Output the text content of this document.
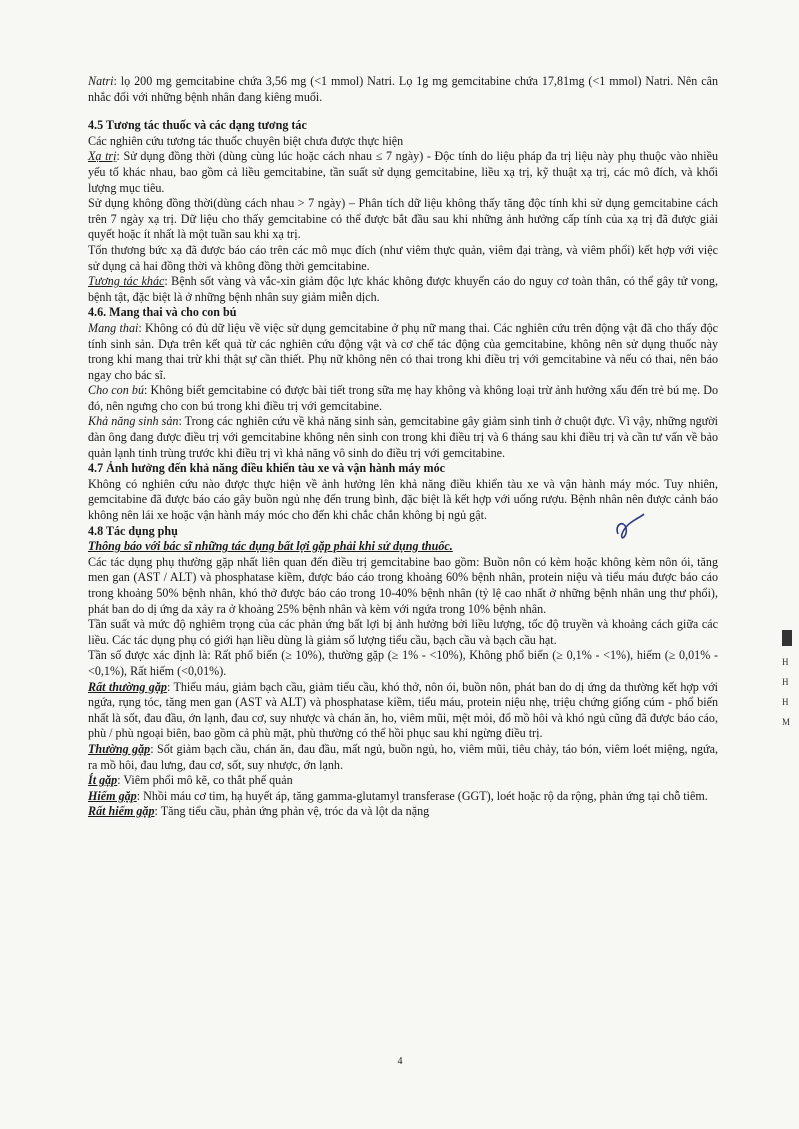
Natri: lọ 200 mg gemcitabine chứa 3,56 mg (<1 mmol) Natri. Lọ 1g mg gemcitabine chứa 17,81mg (<1 mmol) Natri. Nên cân nhắc đối với những bệnh nhân đang kiêng muối.

4.5 Tương tác thuốc và các dạng tương tác

Các nghiên cứu tương tác thuốc chuyên biệt chưa được thực hiện

Xạ trị: Sử dụng đồng thời (dùng cùng lúc hoặc cách nhau ≤ 7 ngày) - Độc tính do liệu pháp đa trị liệu này phụ thuộc vào nhiều yếu tố khác nhau, bao gồm cả liều gemcitabine, tần suất sử dụng gemcitabine, liều xạ trị, kỹ thuật xạ trị, các mô đích, và khối lượng mục tiêu.

Sử dụng không đồng thời(dùng cách nhau > 7 ngày) – Phân tích dữ liệu không thấy tăng độc tính khi sử dụng gemcitabine cách trên 7 ngày xạ trị. Dữ liệu cho thấy gemcitabine có thể được bắt đầu sau khi những ảnh hưởng cấp tính của xạ trị đã được giải quyết hoặc ít nhất là một tuần sau khi xạ trị.

Tổn thương bức xạ đã được báo cáo trên các mô mục đích (như viêm thực quản, viêm đại tràng, và viêm phổi) kết hợp với việc sử dụng cả hai đồng thời và không đồng thời gemcitabine.

Tương tác khác: Bệnh sốt vàng và vắc-xin giảm độc lực khác không được khuyến cáo do nguy cơ toàn thân, có thể gây tử vong, bệnh tật, đặc biệt là ở những bệnh nhân suy giảm miễn dịch.

4.6. Mang thai và cho con bú

Mang thai: Không có đủ dữ liệu về việc sử dụng gemcitabine ở phụ nữ mang thai. Các nghiên cứu trên động vật đã cho thấy độc tính sinh sản. Dựa trên kết quả từ các nghiên cứu động vật và cơ chế tác động của gemcitabine, không nên sử dụng thuốc này trong khi mang thai trừ khi thật sự cần thiết. Phụ nữ không nên có thai trong khi điều trị với gemcitabine và nếu có thai, nên báo ngay cho bác sĩ.

Cho con bú: Không biết gemcitabine có được bài tiết trong sữa mẹ hay không và không loại trừ ảnh hưởng xấu đến trẻ bú mẹ. Do đó, nên ngưng cho con bú trong khi điều trị với gemcitabine.

Khả năng sinh sản: Trong các nghiên cứu về khả năng sinh sản, gemcitabine gây giảm sinh tinh ở chuột đực. Vì vậy, những người đàn ông đang được điều trị với gemcitabine không nên sinh con trong khi điều trị và 6 tháng sau khi điều trị và cần tư vấn về bảo quản lạnh tinh trùng trước khi điều trị vì khả năng vô sinh do điều trị với gemcitabine.

4.7 Ảnh hưởng đến khả năng điều khiển tàu xe và vận hành máy móc

Không có nghiên cứu nào được thực hiện về ảnh hưởng lên khả năng điều khiển tàu xe và vận hành máy móc. Tuy nhiên, gemcitabine đã được báo cáo gây buồn ngủ nhẹ đến trung bình, đặc biệt là kết hợp với uống rượu. Bệnh nhân nên được cảnh báo không nên lái xe hoặc vận hành máy móc cho đến khi chắc chắn không bị ngủ gật.

4.8 Tác dụng phụ

Thông báo với bác sĩ những tác dụng bất lợi gặp phải khi sử dụng thuốc.

Các tác dụng phụ thường gặp nhất liên quan đến điều trị gemcitabine bao gồm: Buồn nôn có kèm hoặc không kèm nôn ói, tăng men gan (AST / ALT) và phosphatase kiềm, được báo cáo trong khoảng 60% bệnh nhân, protein niệu và tiểu máu được báo cáo trong khoảng 50% bệnh nhân, khó thở được báo cáo trong 10-40% bệnh nhân (tỷ lệ cao nhất ở những bệnh nhân ung thư phổi), phát ban do dị ứng da xảy ra ở khoảng 25% bệnh nhân và kèm với ngứa trong 10% bệnh nhân.

Tần suất và mức độ nghiêm trọng của các phản ứng bất lợi bị ảnh hưởng bởi liều lượng, tốc độ truyền và khoảng cách giữa các liều. Các tác dụng phụ có giới hạn liều dùng là giảm số lượng tiểu cầu, bạch cầu và bạch cầu hạt.

Tần số được xác định là: Rất phổ biến (≥ 10%), thường gặp (≥ 1% - <10%), Không phổ biến (≥ 0,1% - <1%), hiếm (≥ 0,01% - <0,1%), Rất hiếm (<0,01%).

Rất thường gặp: Thiếu máu, giảm bạch cầu, giảm tiểu cầu, khó thở, nôn ói, buồn nôn, phát ban do dị ứng da thường kết hợp với ngứa, rụng tóc, tăng men gan (AST và ALT) và phosphatase kiềm, tiểu máu, protein niệu nhẹ, triệu chứng giống cúm - phổ biến nhất là sốt, đau đầu, ớn lạnh, đau cơ, suy nhược và chán ăn, ho, viêm mũi, mệt mỏi, đổ mồ hôi và khó ngủ cũng đã được báo cáo, phù / phù ngoại biên, bao gồm cả phù mặt, phù thường có thể hồi phục sau khi ngừng điều trị.

Thường gặp: Sốt giảm bạch cầu, chán ăn, đau đầu, mất ngủ, buồn ngủ, ho, viêm mũi, tiêu chảy, táo bón, viêm loét miệng, ngứa, ra mồ hôi, đau lưng, đau cơ, sốt, suy nhược, ớn lạnh.

Ít gặp: Viêm phổi mô kẽ, co thắt phế quản

Hiếm gặp: Nhồi máu cơ tim, hạ huyết áp, tăng gamma-glutamyl transferase (GGT), loét hoặc rộ da rộng, phản ứng tại chỗ tiêm.

Rất hiếm gặp: Tăng tiểu cầu, phản ứng phản vệ, tróc da và lột da nặng

H
H
H
M
4
